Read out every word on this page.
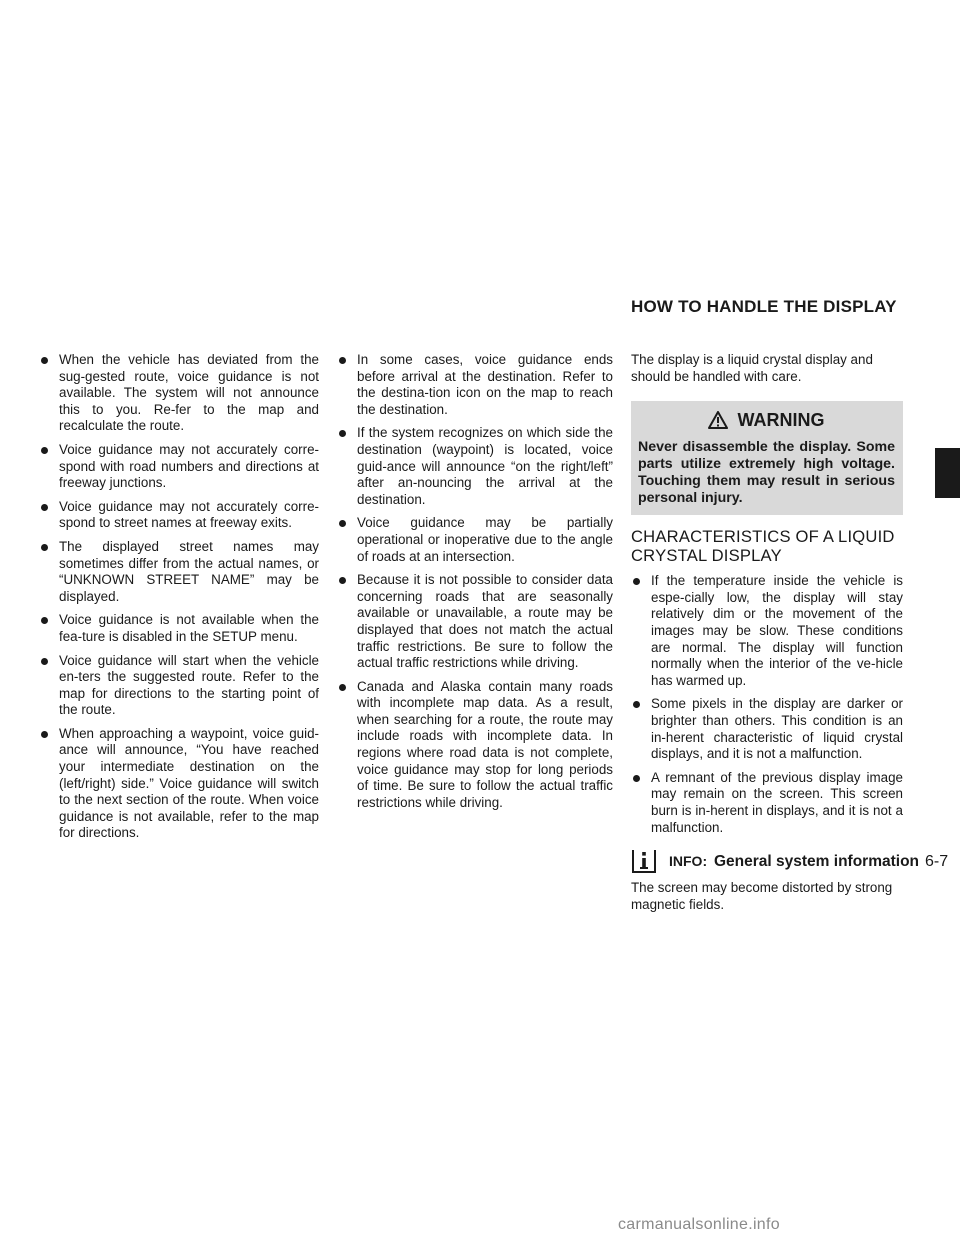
HOW TO HANDLE THE DISPLAY
When the vehicle has deviated from the sug-gested route, voice guidance is not available. The system will not announce this to you. Re-fer to the map and recalculate the route.
Voice guidance may not accurately corre-spond with road numbers and directions at freeway junctions.
Voice guidance may not accurately corre-spond to street names at freeway exits.
The displayed street names may sometimes differ from the actual names, or “UNKNOWN STREET NAME” may be displayed.
Voice guidance is not available when the fea-ture is disabled in the SETUP menu.
Voice guidance will start when the vehicle en-ters the suggested route. Refer to the map for directions to the starting point of the route.
When approaching a waypoint, voice guid-ance will announce, “You have reached your intermediate destination on the (left/right) side.” Voice guidance will switch to the next section of the route. When voice guidance is not available, refer to the map for directions.
In some cases, voice guidance ends before arrival at the destination. Refer to the destina-tion icon on the map to reach the destination.
If the system recognizes on which side the destination (waypoint) is located, voice guid-ance will announce “on the right/left” after an-nouncing the arrival at the destination.
Voice guidance may be partially operational or inoperative due to the angle of roads at an intersection.
Because it is not possible to consider data concerning roads that are seasonally available or unavailable, a route may be displayed that does not match the actual traffic restrictions. Be sure to follow the actual traffic restrictions while driving.
Canada and Alaska contain many roads with incomplete map data. As a result, when searching for a route, the route may include roads with incomplete data. In regions where road data is not complete, voice guidance may stop for long periods of time. Be sure to follow the actual traffic restrictions while driving.

The display is a liquid crystal display and should be handled with care.

WARNING
Never disassemble the display. Some parts utilize extremely high voltage. Touching them may result in serious personal injury.
CHARACTERISTICS OF A LIQUID CRYSTAL DISPLAY
If the temperature inside the vehicle is espe-cially low, the display will stay relatively dim or the movement of the images may be slow. These conditions are normal. The display will function normally when the interior of the ve-hicle has warmed up.
Some pixels in the display are darker or brighter than others. This condition is an in-herent characteristic of liquid crystal displays, and it is not a malfunction.
A remnant of the previous display image may remain on the screen. This screen burn is in-herent in displays, and it is not a malfunction.
INFO:

The screen may become distorted by strong magnetic fields.

General system information 6-7
carmanualsonline.info
